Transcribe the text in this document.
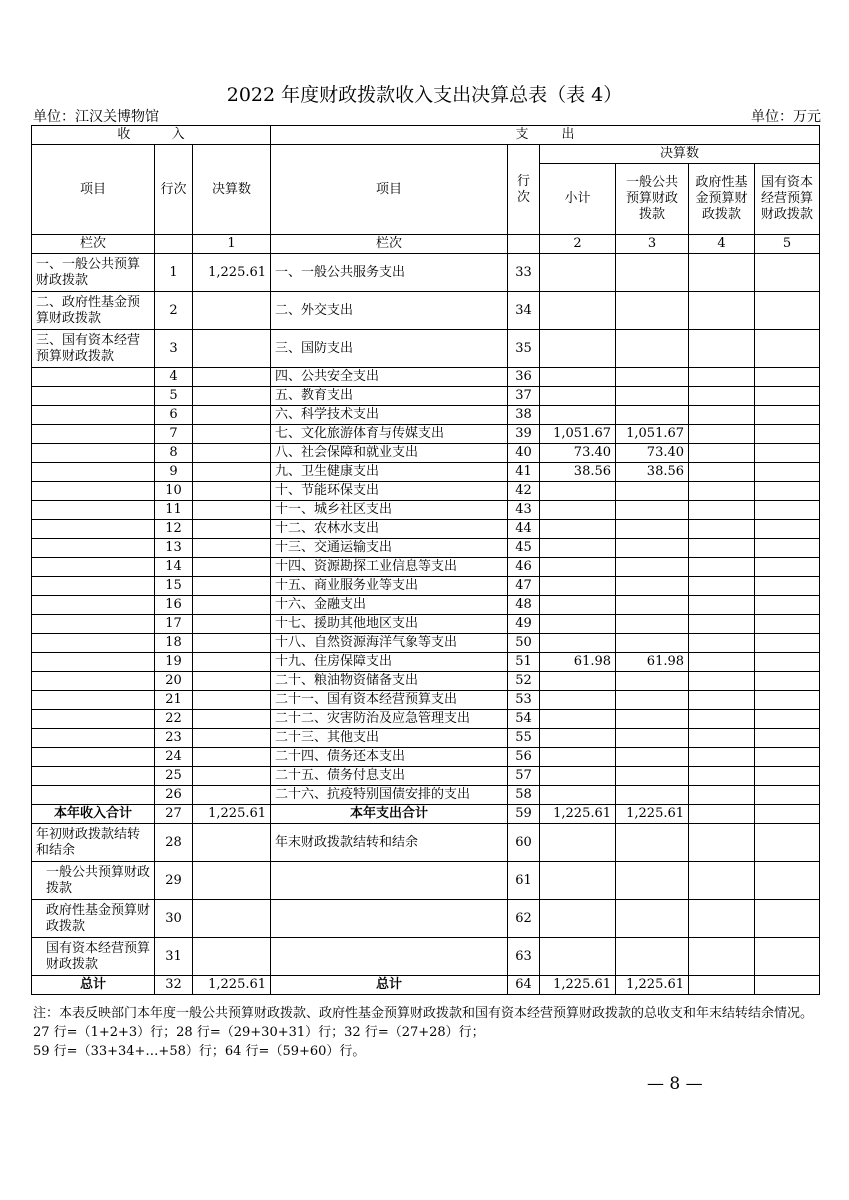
2022 年度财政拨款收入支出决算总表（表 4）
单位：江汉关博物馆	单位：万元
收          入			支        出					
项目	行次	决算数	项目	行次	决算数			
					小计	一般公共预算财政拨款	政府性基金预算财政拨款	国有资本经营预算财政拨款
栏次		1	栏次		2	3	4	5
一、一般公共预算财政拨款	1	1,225.61	一、一般公共服务支出	33				
二、政府性基金预算财政拨款	2		二、外交支出	34				
三、国有资本经营预算财政拨款	3		三、国防支出	35				
	4		四、公共安全支出	36				
	5		五、教育支出	37				
	6		六、科学技术支出	38				
	7		七、文化旅游体育与传媒支出	39	1,051.67	1,051.67		
	8		八、社会保障和就业支出	40	73.40	73.40		
	9		九、卫生健康支出	41	38.56	38.56		
	10		十、节能环保支出	42				
	11		十一、城乡社区支出	43				
	12		十二、农林水支出	44				
	13		十三、交通运输支出	45				
	14		十四、资源勘探工业信息等支出	46				
	15		十五、商业服务业等支出	47				
	16		十六、金融支出	48				
	17		十七、援助其他地区支出	49				
	18		十八、自然资源海洋气象等支出	50				
	19		十九、住房保障支出	51	61.98	61.98		
	20		二十、粮油物资储备支出	52				
	21		二十一、国有资本经营预算支出	53				
	22		二十二、灾害防治及应急管理支出	54				
	23		二十三、其他支出	55				
	24		二十四、债务还本支出	56				
	25		二十五、债务付息支出	57				
	26		二十六、抗疫特别国债安排的支出	58				
本年收入合计	27	1,225.61	本年支出合计	59	1,225.61	1,225.61		
年初财政拨款结转和结余	28		年末财政拨款结转和结余	60				
一般公共预算财政拨款	29			61				
政府性基金预算财政拨款	30			62				
国有资本经营预算财政拨款	31			63				
总计	32	1,225.61	总计	64	1,225.61	1,225.61		
注：本表反映部门本年度一般公共预算财政拨款、政府性基金预算财政拨款和国有资本经营预算财政拨款的总收支和年末结转结余情况。
27 行=（1+2+3）行；28 行=（29+30+31）行；32 行=（27+28）行；
59 行=（33+34+…+58）行；64 行=（59+60）行。
— 8 —
